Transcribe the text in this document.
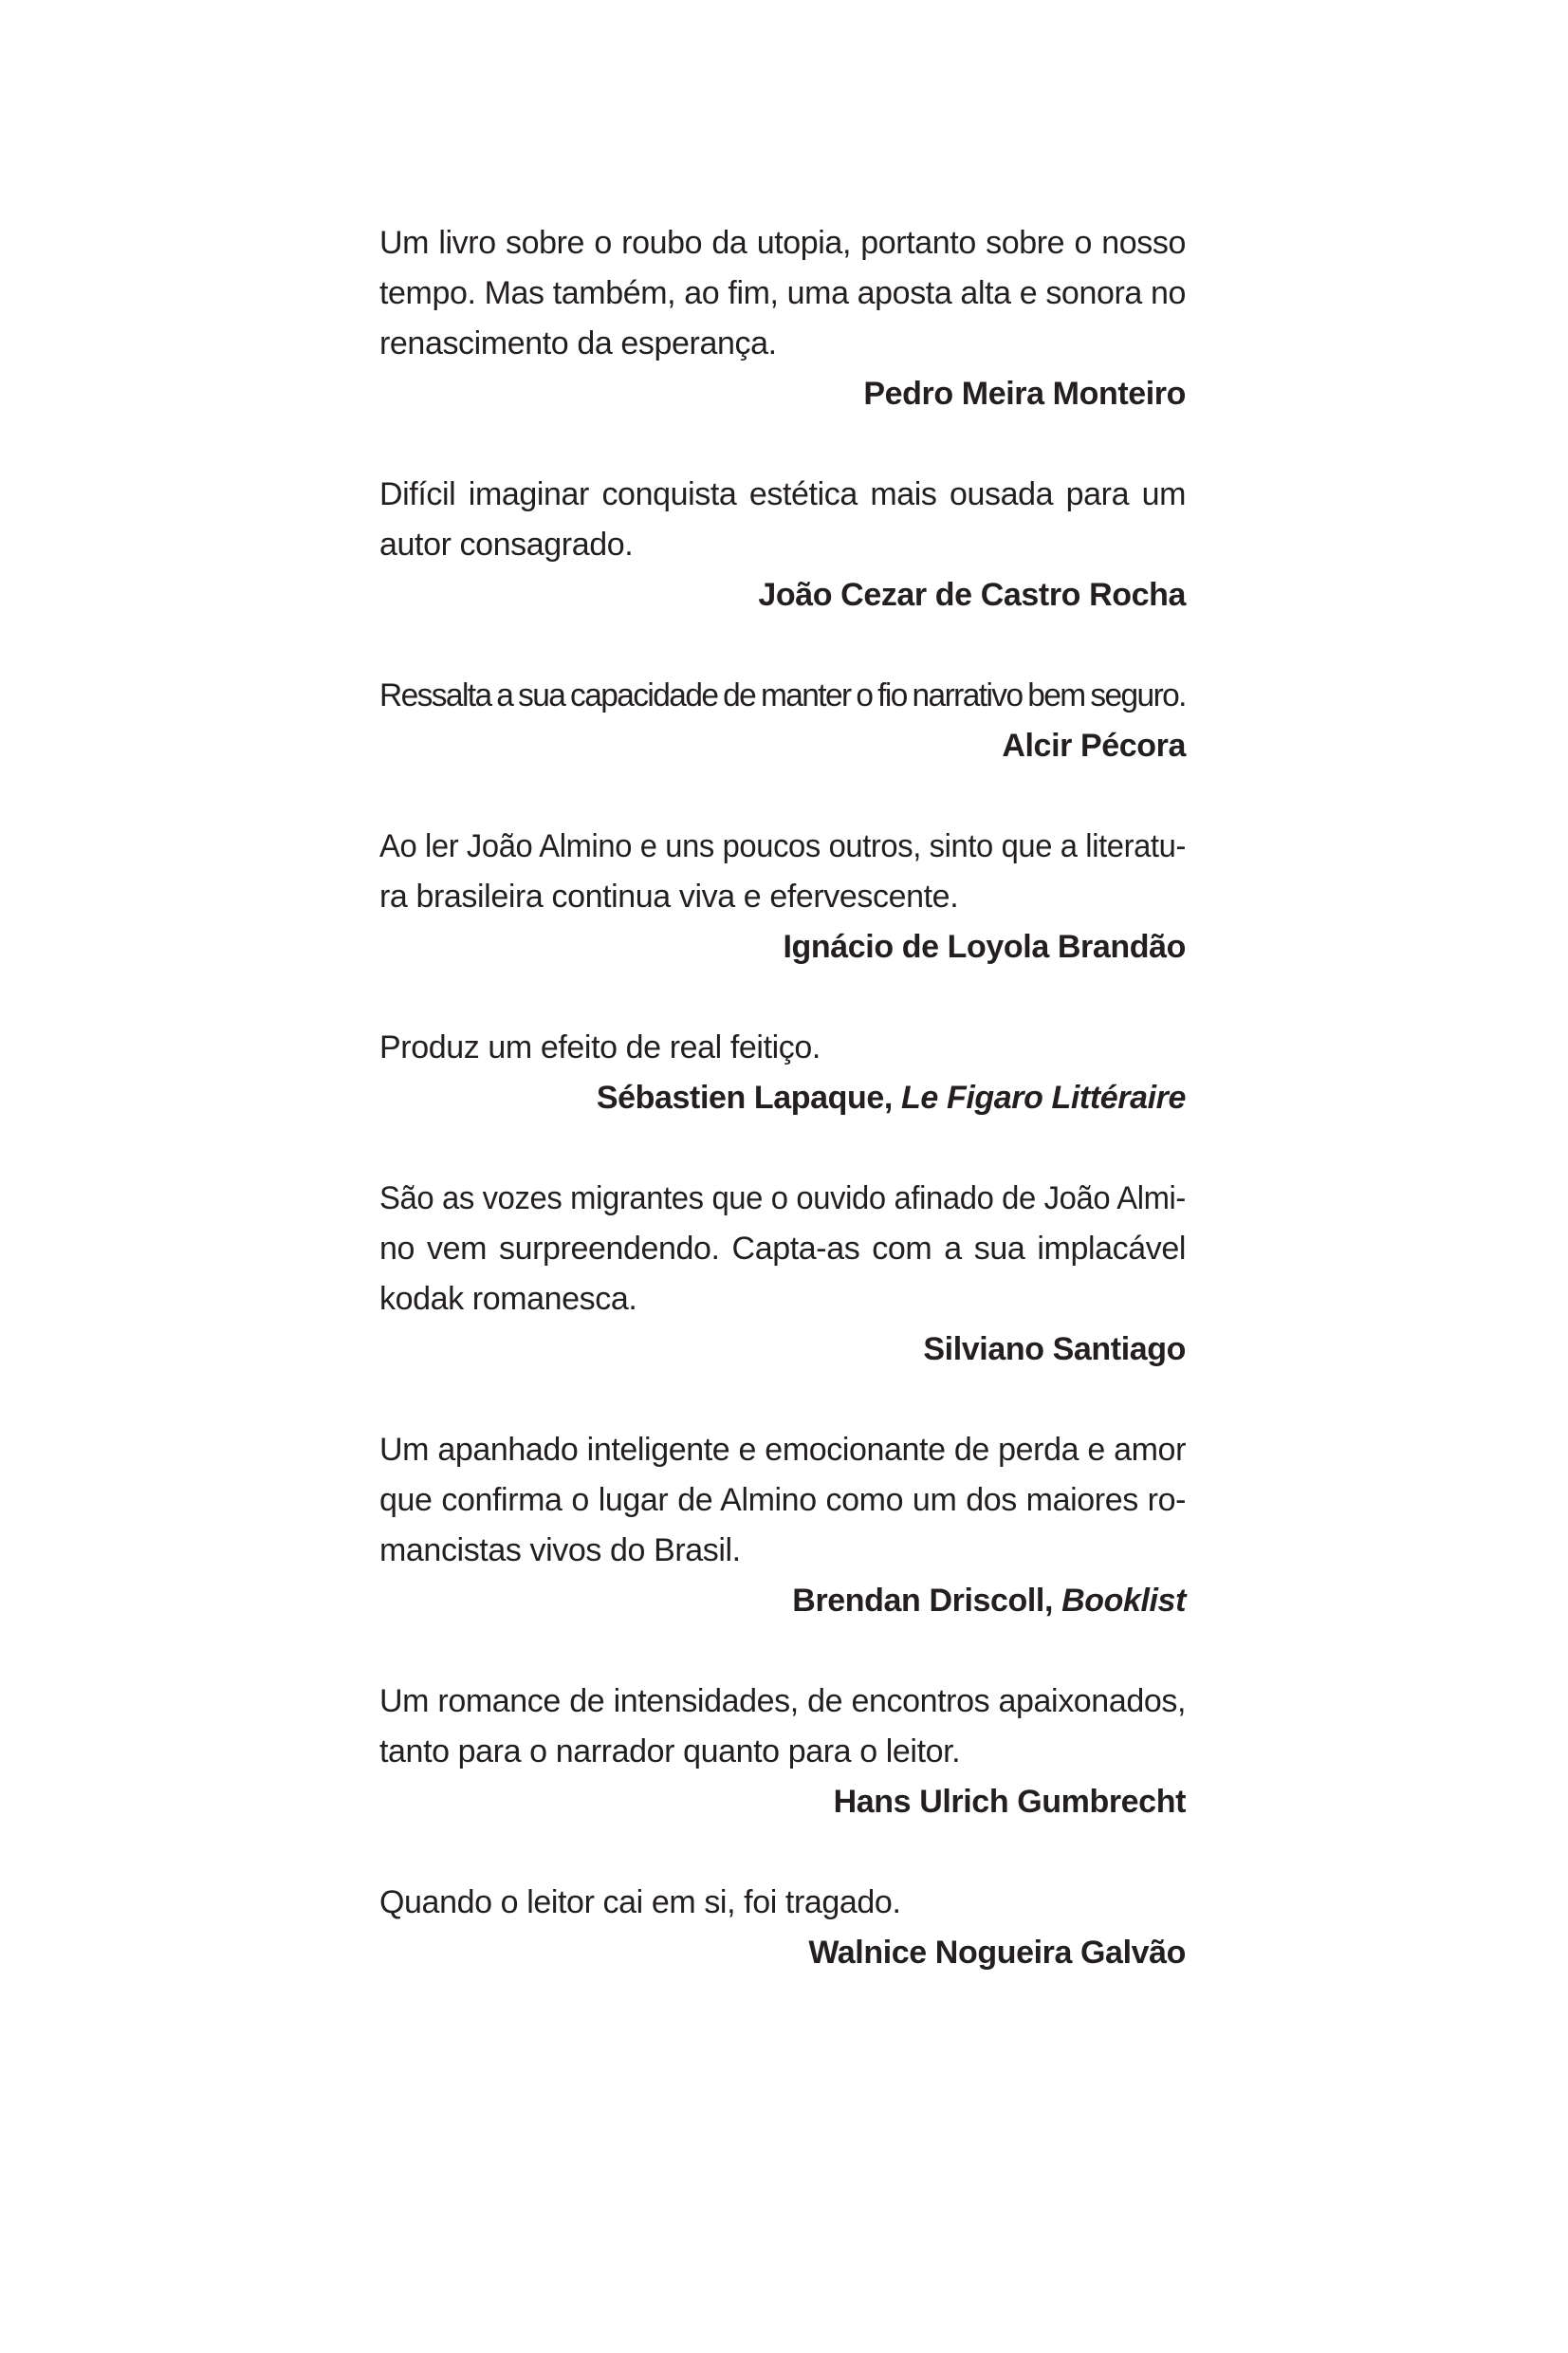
Um livro sobre o roubo da utopia, portanto sobre o nosso
tempo. Mas também, ao fim, uma aposta alta e sonora no
renascimento da esperança.

Pedro Meira Monteiro

Difícil imaginar conquista estética mais ousada para um
autor consagrado.

João Cezar de Castro Rocha

Ressalta a sua capacidade de manter o fio narrativo bem seguro.

Alcir Pécora

Ao ler João Almino e uns poucos outros, sinto que a literatu-
ra brasileira continua viva e efervescente.

Ignácio de Loyola Brandão

Produz um efeito de real feitiço.

Sébastien Lapaque, Le Figaro Littéraire

São as vozes migrantes que o ouvido afinado de João Almi-
no vem surpreendendo. Capta-as com a sua implacável
kodak romanesca.

Silviano Santiago

Um apanhado inteligente e emocionante de perda e amor
que confirma o lugar de Almino como um dos maiores ro-
mancistas vivos do Brasil.

Brendan Driscoll, Booklist

Um romance de intensidades, de encontros apaixonados,
tanto para o narrador quanto para o leitor.

Hans Ulrich Gumbrecht

Quando o leitor cai em si, foi tragado.

Walnice Nogueira Galvão
